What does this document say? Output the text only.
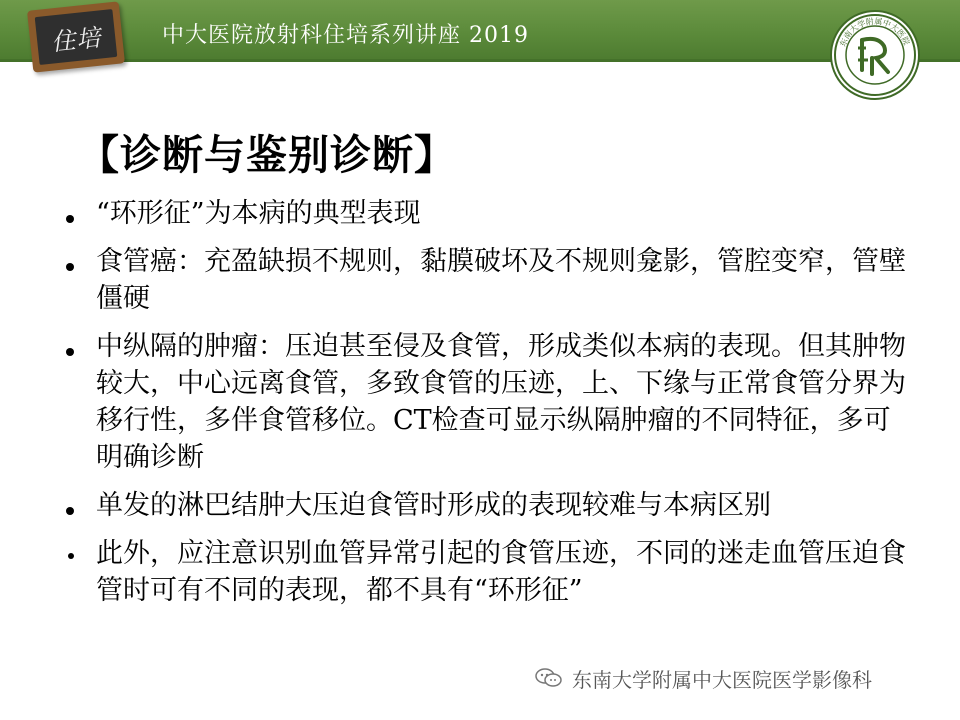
住培	中大医院放射科住培系列讲座 2019	东南大学附属中大医院
【诊断与鉴别诊断】
“环形征”为本病的典型表现
食管癌：充盈缺损不规则，黏膜破坏及不规则龛影，管腔变窄，管壁僵硬
中纵隔的肿瘤：压迫甚至侵及食管，形成类似本病的表现。但其肿物较大，中心远离食管，多致食管的压迹，上、下缘与正常食管分界为移行性，多伴食管移位。CT检查可显示纵隔肿瘤的不同特征，多可明确诊断
单发的淋巴结肿大压迫食管时形成的表现较难与本病区别
此外，应注意识别血管异常引起的食管压迹，不同的迷走血管压迫食管时可有不同的表现，都不具有“环形征”
东南大学附属中大医院医学影像科
